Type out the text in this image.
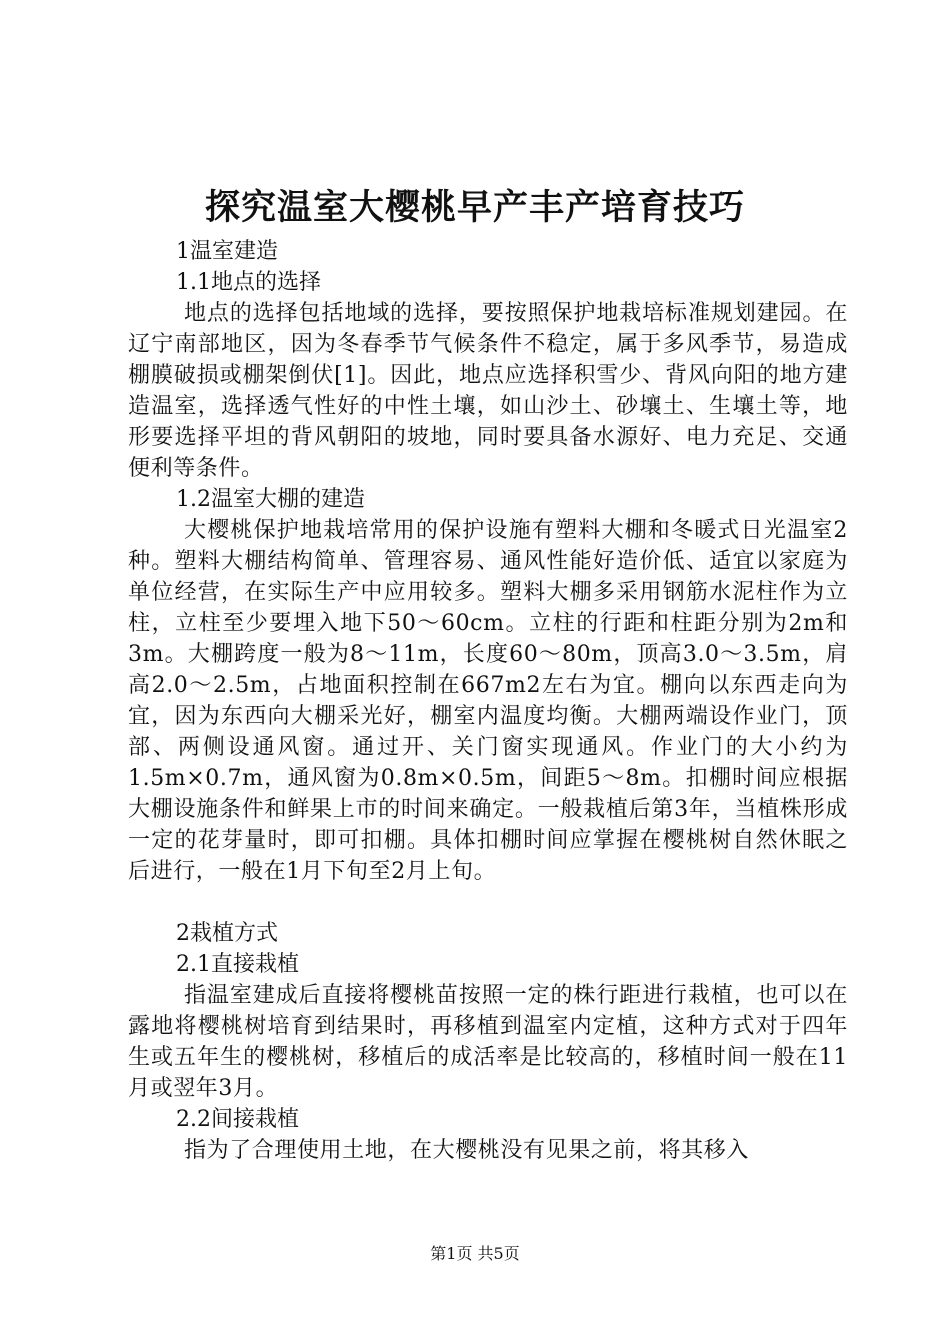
探究温室大樱桃早产丰产培育技巧

1温室建造

1.1地点的选择

地点的选择包括地域的选择，要按照保护地栽培标准规划建园。在辽宁南部地区，因为冬春季节气候条件不稳定，属于多风季节，易造成棚膜破损或棚架倒伏[1]。因此，地点应选择积雪少、背风向阳的地方建造温室，选择透气性好的中性土壤，如山沙土、砂壤土、生壤土等，地形要选择平坦的背风朝阳的坡地，同时要具备水源好、电力充足、交通便利等条件。

1.2温室大棚的建造

大樱桃保护地栽培常用的保护设施有塑料大棚和冬暖式日光温室2种。塑料大棚结构简单、管理容易、通风性能好造价低、适宜以家庭为单位经营，在实际生产中应用较多。塑料大棚多采用钢筋水泥柱作为立柱，立柱至少要埋入地下50～60cm。立柱的行距和柱距分别为2m和3m。大棚跨度一般为8～11m，长度60～80m，顶高3.0～3.5m，肩高2.0～2.5m，占地面积控制在667m2左右为宜。棚向以东西走向为宜，因为东西向大棚采光好，棚室内温度均衡。大棚两端设作业门，顶部、两侧设通风窗。通过开、关门窗实现通风。作业门的大小约为1.5m×0.7m，通风窗为0.8m×0.5m，间距5～8m。扣棚时间应根据大棚设施条件和鲜果上市的时间来确定。一般栽植后第3年，当植株形成一定的花芽量时，即可扣棚。具体扣棚时间应掌握在樱桃树自然休眠之后进行，一般在1月下旬至2月上旬。

2栽植方式

2.1直接栽植

指温室建成后直接将樱桃苗按照一定的株行距进行栽植，也可以在露地将樱桃树培育到结果时，再移植到温室内定植，这种方式对于四年生或五年生的樱桃树，移植后的成活率是比较高的，移植时间一般在11月或翌年3月。

2.2间接栽植

指为了合理使用土地，在大樱桃没有见果之前，将其移入

第1页 共5页
